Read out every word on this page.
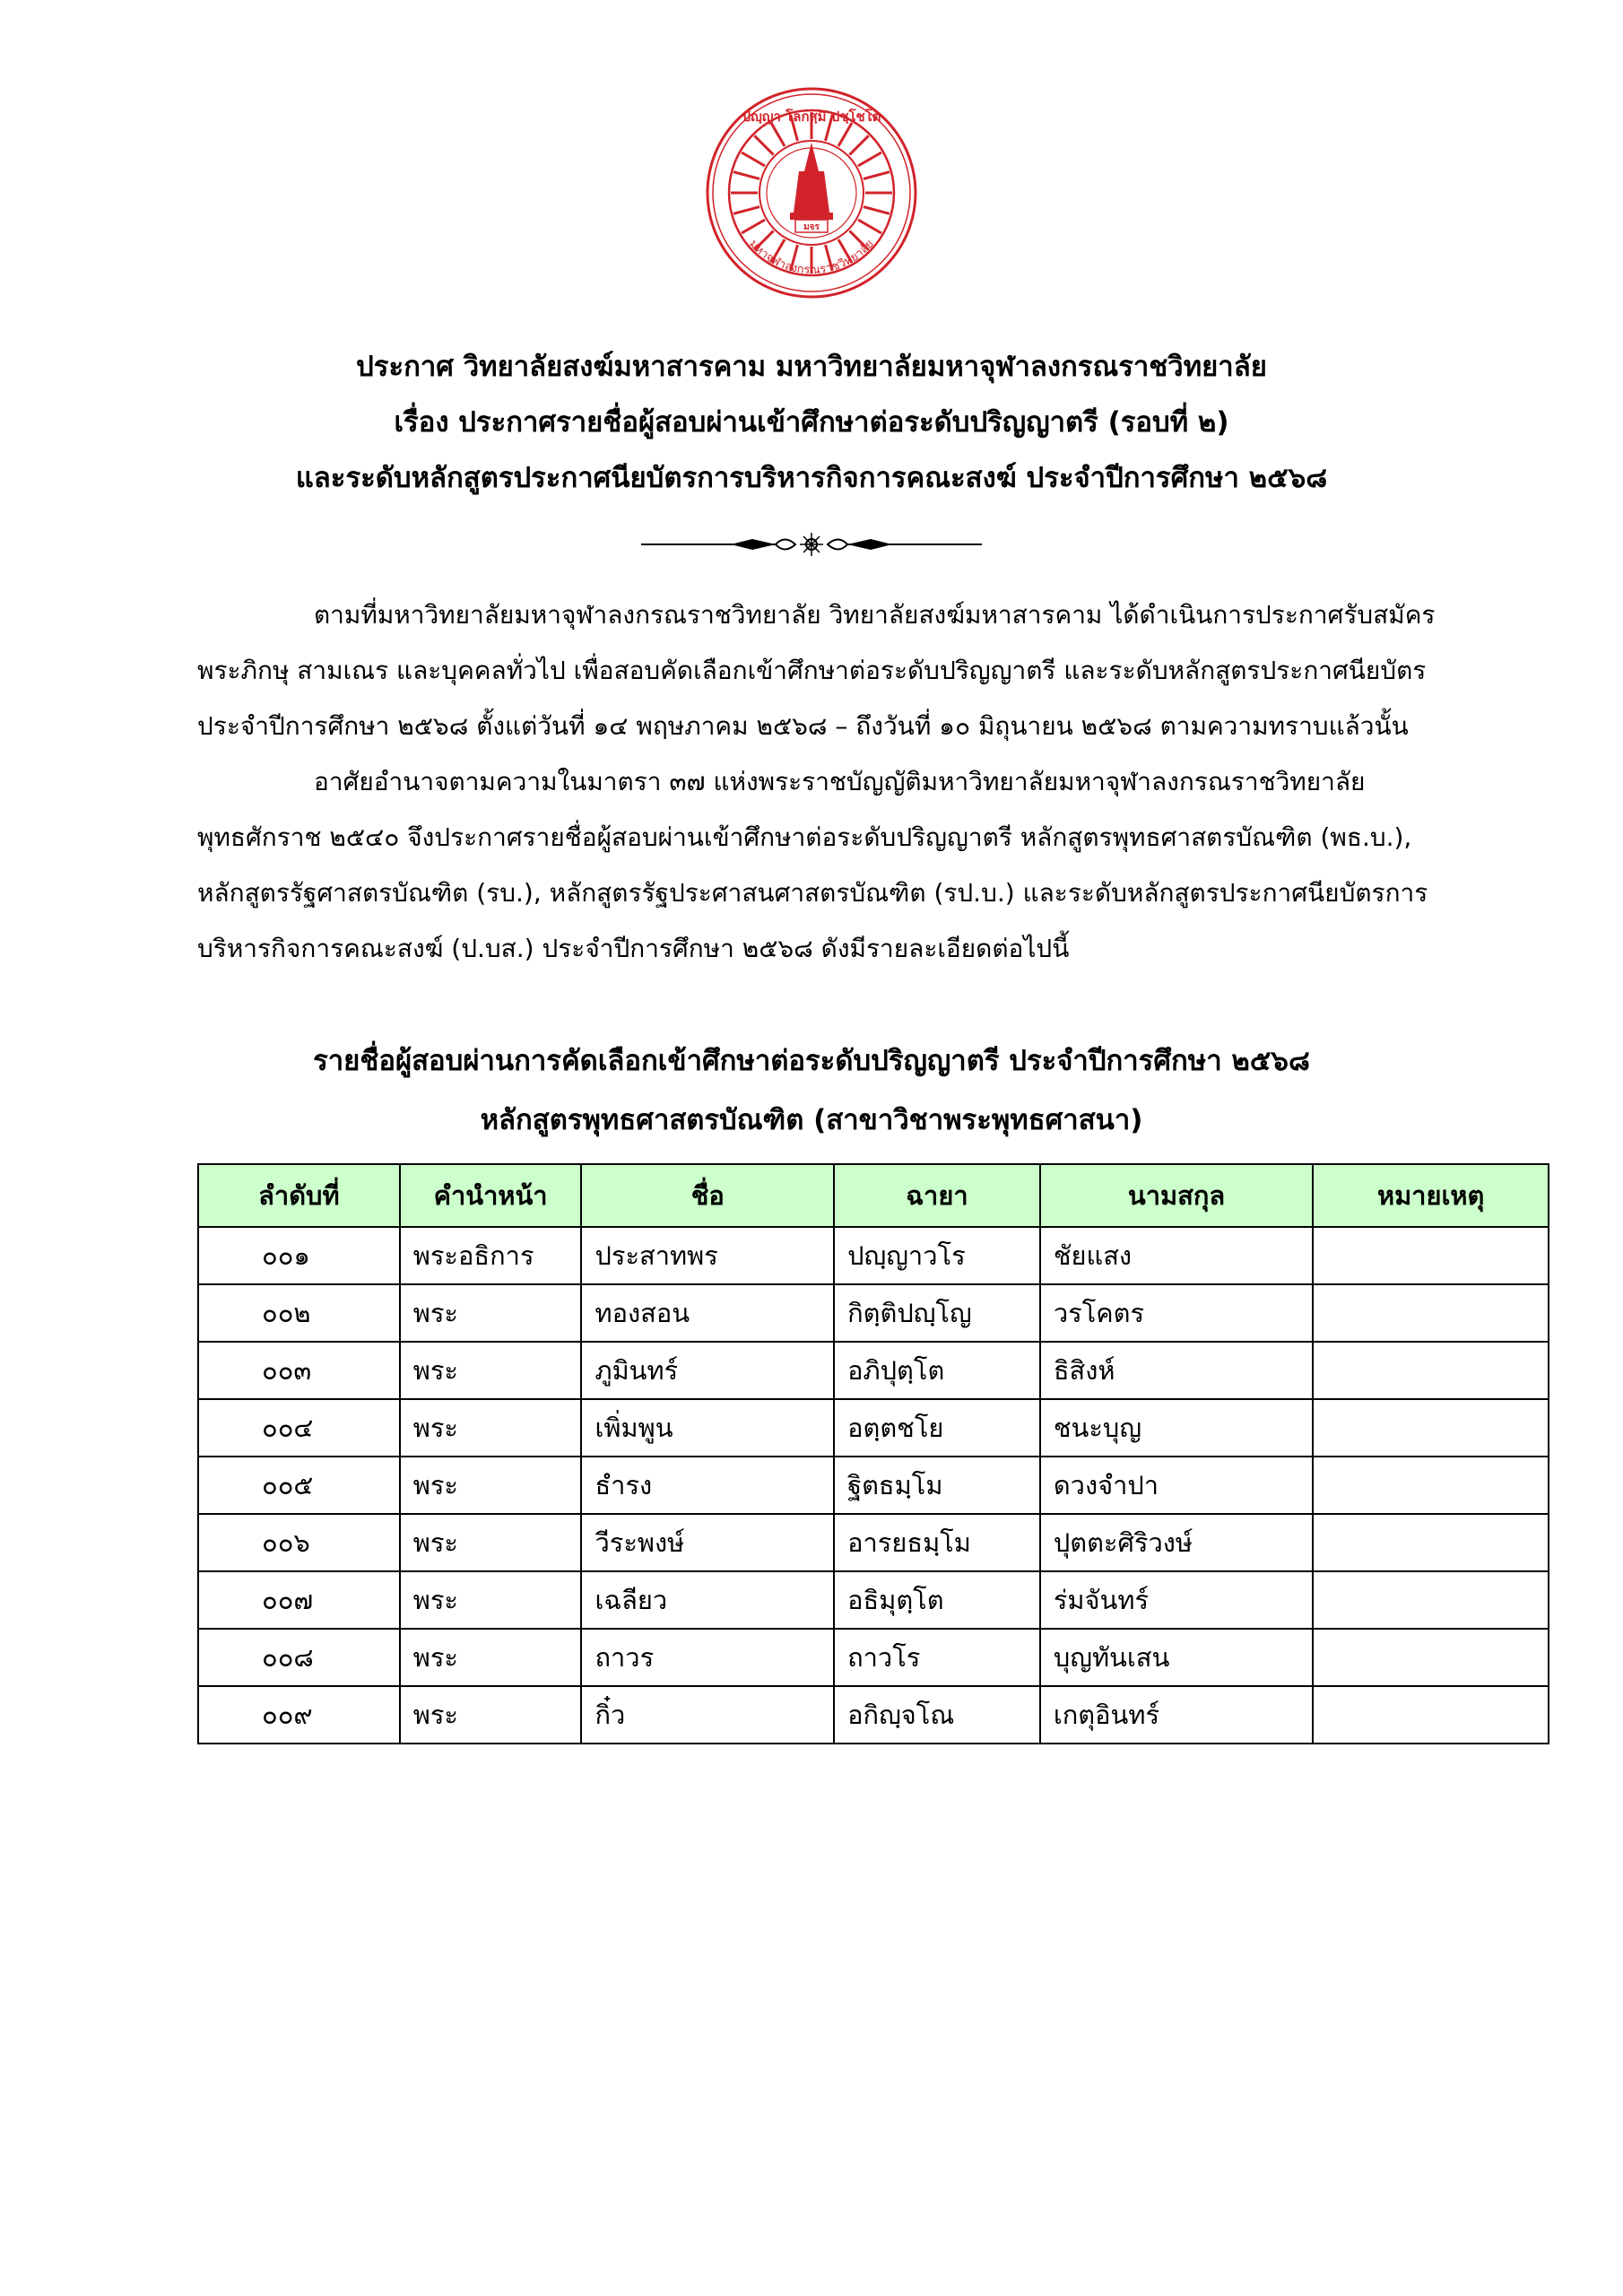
มจร
ปญฺญา โลกสฺมิ ปชฺโชโต
มหาจุฬาลงกรณราชวิทยาลัย
ประกาศ วิทยาลัยสงฆ์มหาสารคาม มหาวิทยาลัยมหาจุฬาลงกรณราชวิทยาลัย
เรื่อง ประกาศรายชื่อผู้สอบผ่านเข้าศึกษาต่อระดับปริญญาตรี (รอบที่ ๒)
และระดับหลักสูตรประกาศนียบัตรการบริหารกิจการคณะสงฆ์ ประจำปีการศึกษา ๒๕๖๘

ตามที่มหาวิทยาลัยมหาจุฬาลงกรณราชวิทยาลัย วิทยาลัยสงฆ์มหาสารคาม ได้ดำเนินการประกาศรับสมัคร
พระภิกษุ สามเณร และบุคคลทั่วไป เพื่อสอบคัดเลือกเข้าศึกษาต่อระดับปริญญาตรี และระดับหลักสูตรประกาศนียบัตร
ประจำปีการศึกษา ๒๕๖๘ ตั้งแต่วันที่ ๑๔ พฤษภาคม ๒๕๖๘ – ถึงวันที่ ๑๐ มิถุนายน ๒๕๖๘ ตามความทราบแล้วนั้น

อาศัยอำนาจตามความในมาตรา ๓๗ แห่งพระราชบัญญัติมหาวิทยาลัยมหาจุฬาลงกรณราชวิทยาลัย
พุทธศักราช ๒๕๔๐ จึงประกาศรายชื่อผู้สอบผ่านเข้าศึกษาต่อระดับปริญญาตรี หลักสูตรพุทธศาสตรบัณฑิต (พธ.บ.),
หลักสูตรรัฐศาสตรบัณฑิต (รบ.), หลักสูตรรัฐประศาสนศาสตรบัณฑิต (รป.บ.) และระดับหลักสูตรประกาศนียบัตรการ
บริหารกิจการคณะสงฆ์ (ป.บส.) ประจำปีการศึกษา ๒๕๖๘ ดังมีรายละเอียดต่อไปนี้

รายชื่อผู้สอบผ่านการคัดเลือกเข้าศึกษาต่อระดับปริญญาตรี ประจำปีการศึกษา ๒๕๖๘
หลักสูตรพุทธศาสตรบัณฑิต (สาขาวิชาพระพุทธศาสนา)
ลำดับที่	คำนำหน้า	ชื่อ	ฉายา	นามสกุล	หมายเหตุ
๐๐๑	พระอธิการ	ประสาทพร	ปญฺญาวโร	ชัยแสง	
๐๐๒	พระ	ทองสอน	กิตฺติปญฺโญ	วรโคตร	
๐๐๓	พระ	ภูมินทร์	อภิปุตฺโต	ธิสิงห์	
๐๐๔	พระ	เพิ่มพูน	อตฺตชโย	ชนะบุญ	
๐๐๕	พระ	ธำรง	ฐิตธมฺโม	ดวงจำปา	
๐๐๖	พระ	วีระพงษ์	อารยธมฺโม	ปุตตะศิริวงษ์	
๐๐๗	พระ	เฉลียว	อธิมุตฺโต	ร่มจันทร์	
๐๐๘	พระ	ถาวร	ถาวโร	บุญทันเสน	
๐๐๙	พระ	กิ๋ว	อกิญฺจโณ	เกตุอินทร์	
